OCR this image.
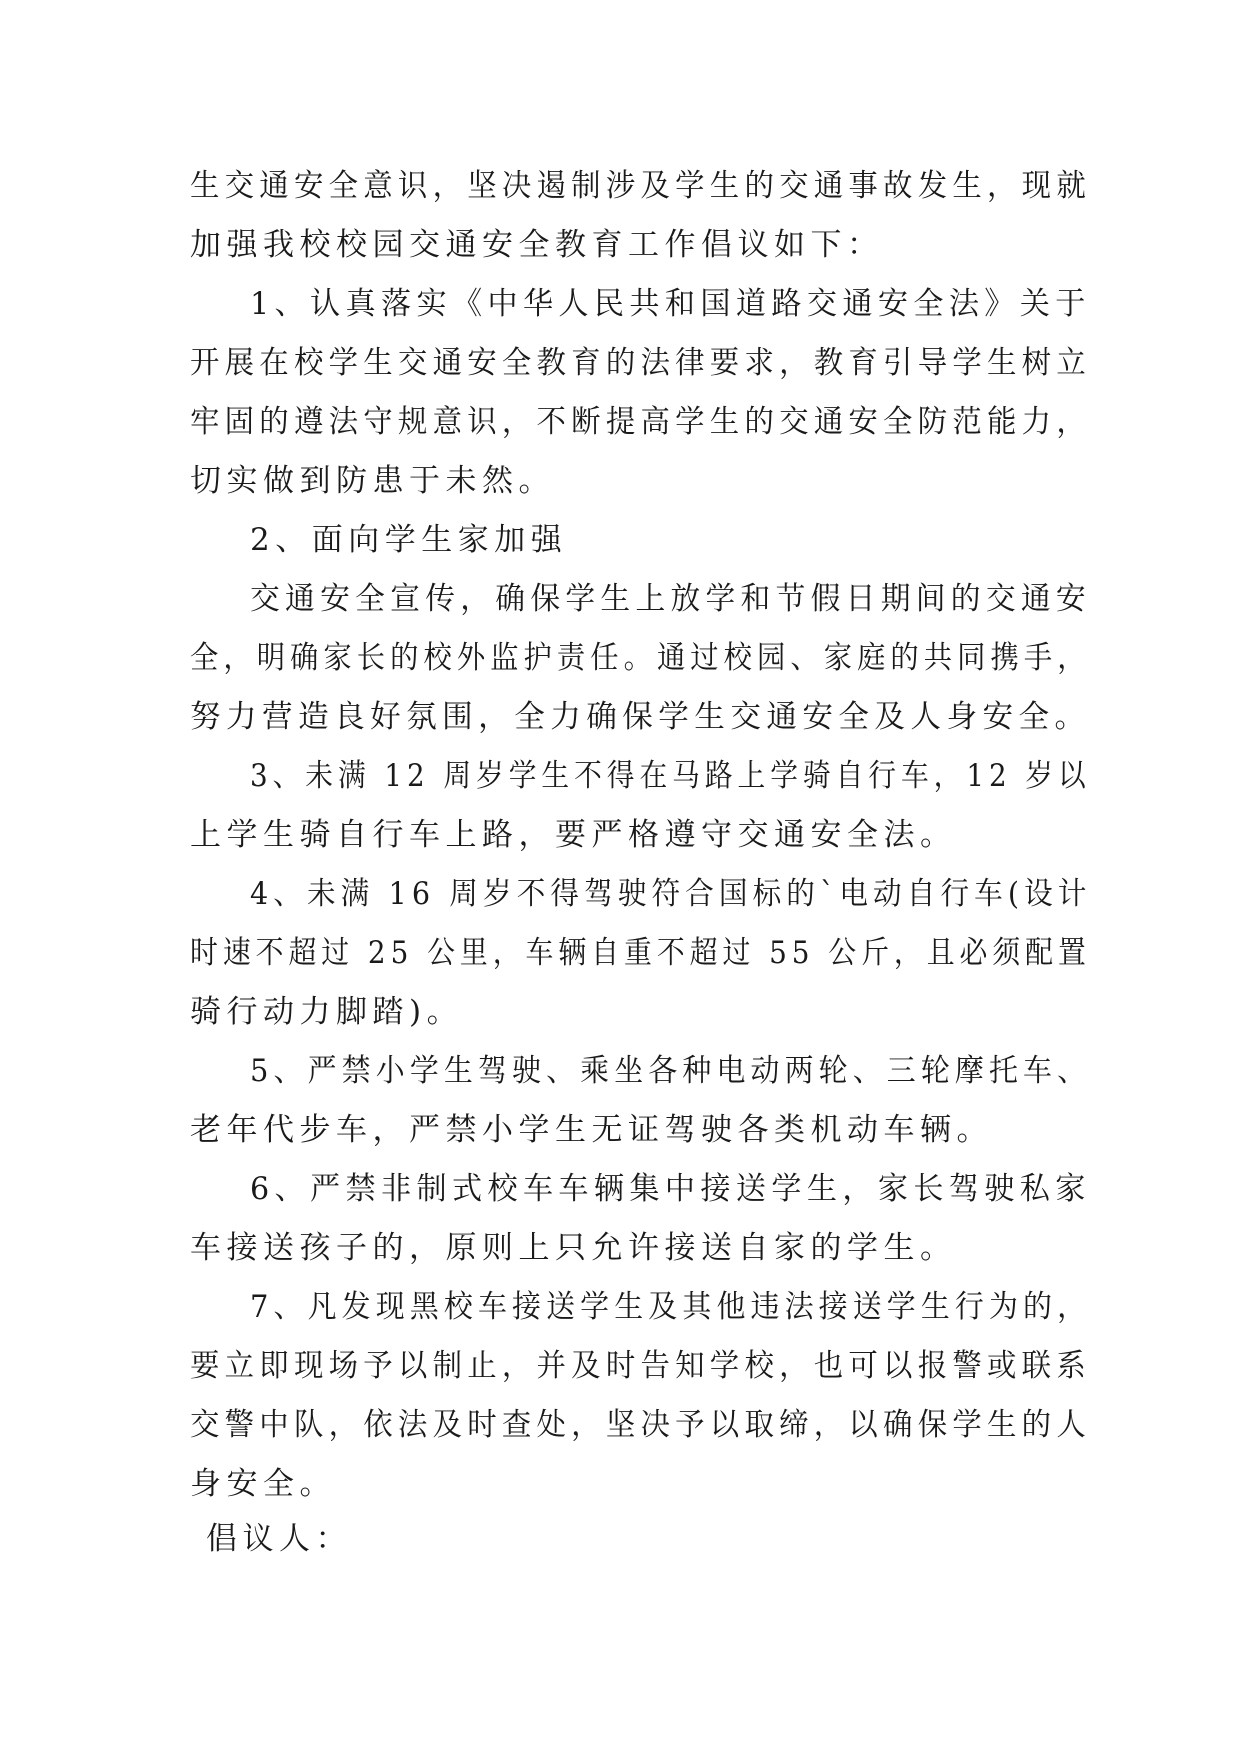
生交通安全意识，坚决遏制涉及学生的交通事故发生，现就
加强我校校园交通安全教育工作倡议如下：
1、认真落实《中华人民共和国道路交通安全法》关于
开展在校学生交通安全教育的法律要求，教育引导学生树立
牢固的遵法守规意识，不断提高学生的交通安全防范能力，
切实做到防患于未然。
2、面向学生家加强
交通安全宣传，确保学生上放学和节假日期间的交通安
全，明确家长的校外监护责任。通过校园、家庭的共同携手，
努力营造良好氛围，全力确保学生交通安全及人身安全。
3、未满 12 周岁学生不得在马路上学骑自行车，12 岁以
上学生骑自行车上路，要严格遵守交通安全法。
4、未满 16 周岁不得驾驶符合国标的`电动自行车(设计
时速不超过 25 公里，车辆自重不超过 55 公斤，且必须配置
骑行动力脚踏)。
5、严禁小学生驾驶、乘坐各种电动两轮、三轮摩托车、
老年代步车，严禁小学生无证驾驶各类机动车辆。
6、严禁非制式校车车辆集中接送学生，家长驾驶私家
车接送孩子的，原则上只允许接送自家的学生。
7、凡发现黑校车接送学生及其他违法接送学生行为的，
要立即现场予以制止，并及时告知学校，也可以报警或联系
交警中队，依法及时查处，坚决予以取缔，以确保学生的人
身安全。
倡议人：
